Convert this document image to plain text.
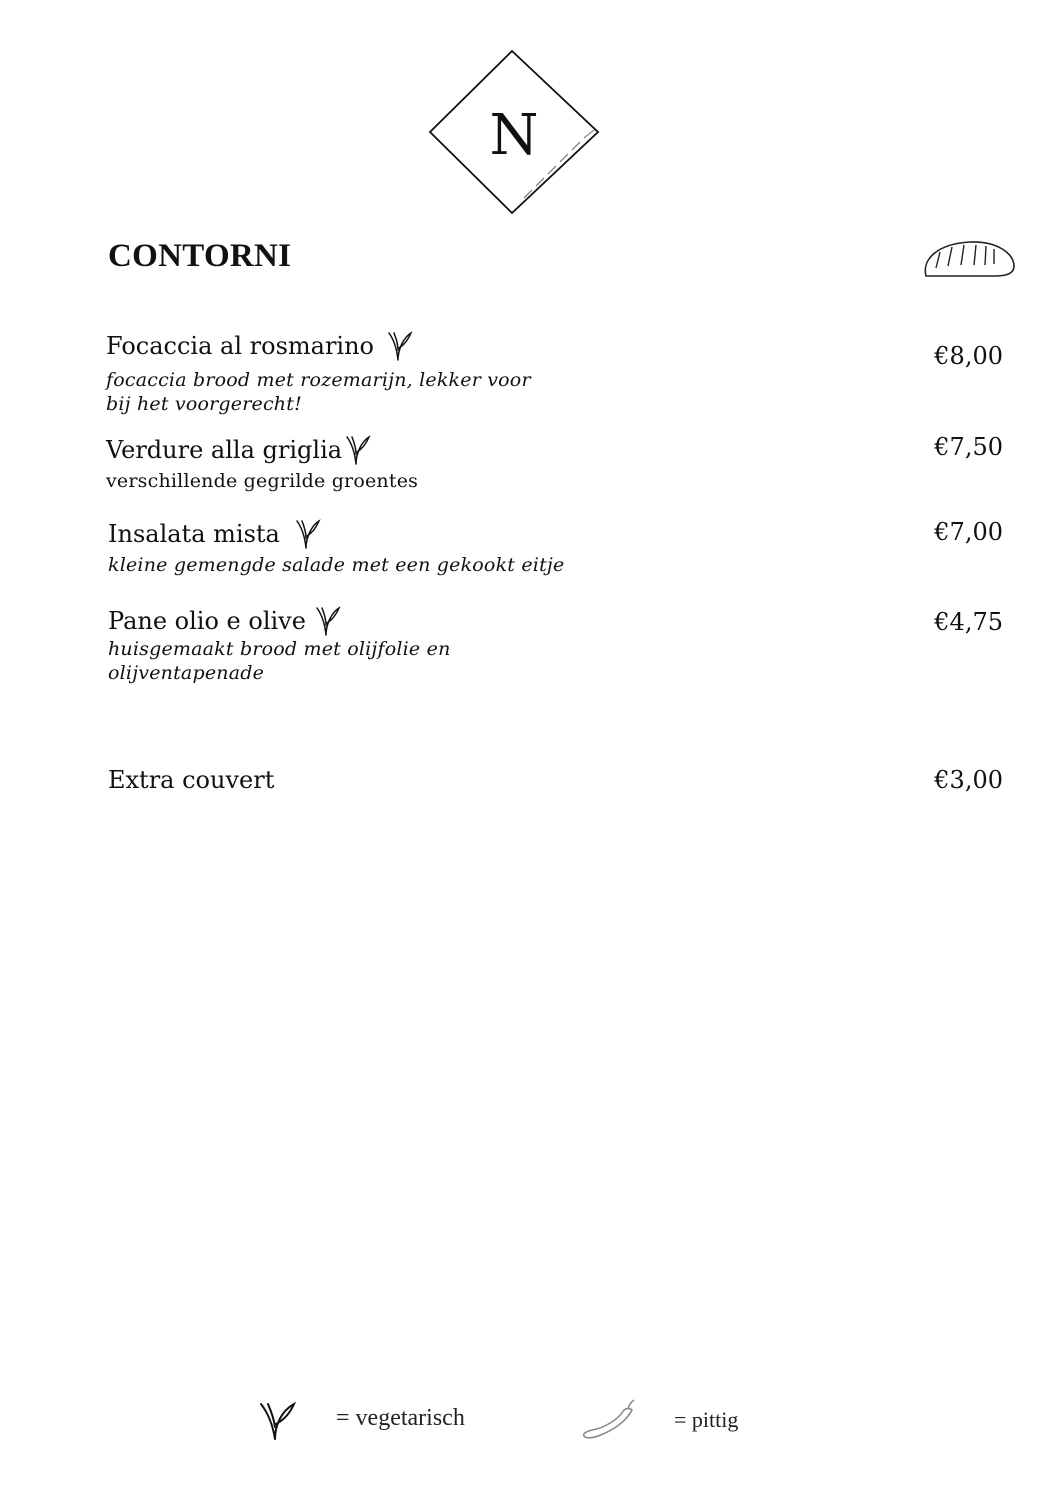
N
CONTORNI
Focaccia al rosmarino
focaccia brood met rozemarijn, lekker voor
bij het voorgerecht!
€8,00
Verdure alla griglia
verschillende gegrilde groentes
€7,50
Insalata mista
kleine gemengde salade met een gekookt eitje
€7,00
Pane olio e olive
huisgemaakt brood met olijfolie en
olijventapenade
€4,75
Extra couvert	€3,00
= vegetarisch	= pittig
